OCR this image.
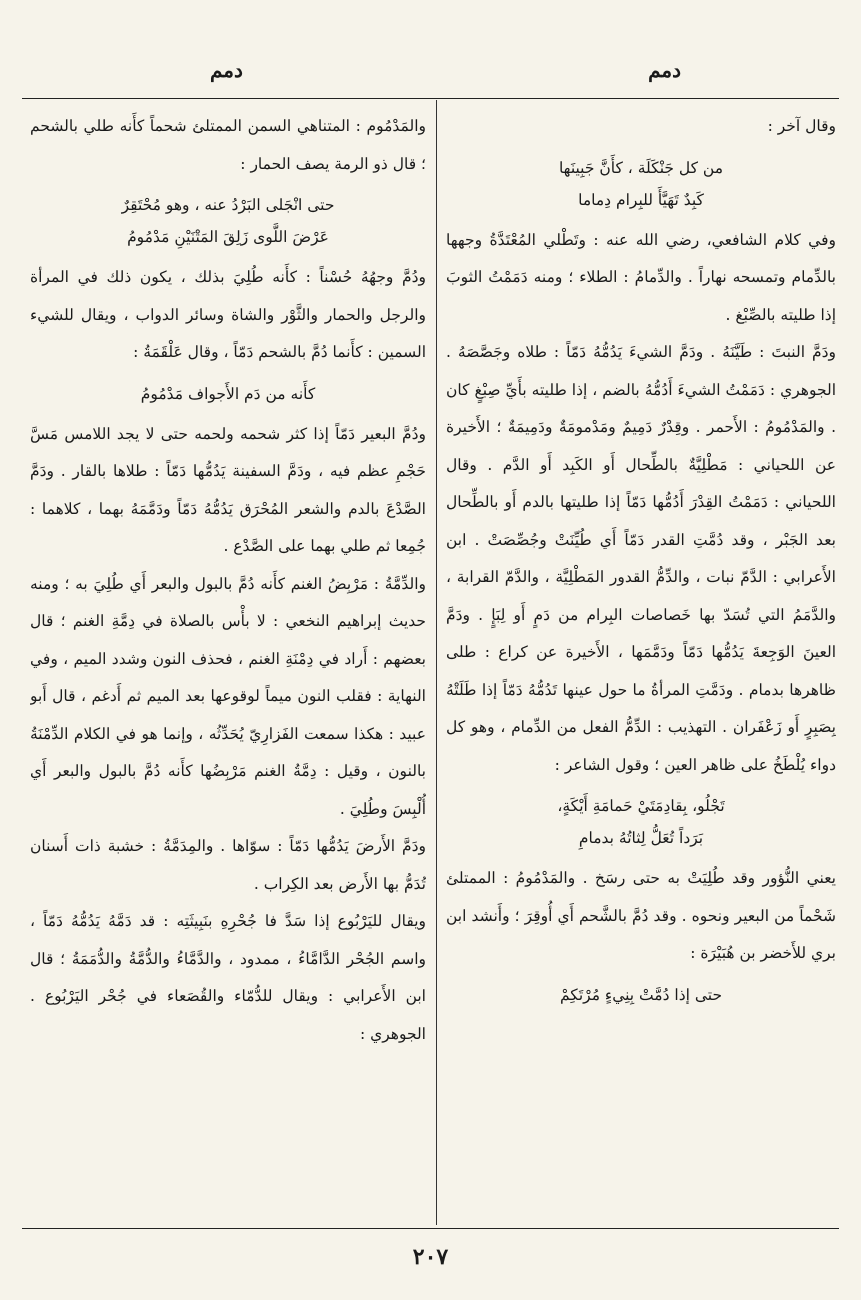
دمم
دمم

وقال آخر :

من كل جَنْكَلَة ، كأَنَّ جَبِينَها
كَبِدٌ تَهَيَّأَ للبِرام دِماما

وفي كلام الشافعي، رضي الله عنه : وتَطْلي المُعْتَدَّةُ وجهها بالدِّمام وتمسحه نهاراً . والدِّمامُ : الطلاء ؛ ومنه دَمَمْتُ الثوبَ إذا طليته بالصِّبْغ .

ودَمَّ النبتَ : طَيَّنَهُ . ودَمَّ الشيءَ يَدُمُّهُ دَمّاً : طلاه وجَصَّصَهُ . الجوهري : دَمَمْتُ الشيءَ أَدُمُّهُ بالضم ، إذا طليته بأَيِّ صِبْغٍ كان . والمَدْمُومُ : الأَحمر . وقِدْرٌ دَمِيمٌ ومَدْمومَةٌ ودَمِيمَةٌ ؛ الأَخيرة عن اللحياني : مَطْلِيَّةٌ بالطِّحال أَو الكَبِد أَو الدَّم . وقال اللحياني : دَمَمْتُ القِدْرَ أَدُمُّها دَمّاً إذا طليتها بالدم أَو بالطِّحال بعد الجَبْر ، وقد دُمَّتِ القدر دَمّاً أَي طُيِّنَتْ وجُصِّصَتْ . ابن الأَعرابي : الدَّمّ نبات ، والدِّمُّ القدور المَطْلِيَّة ، والدَّمّ القرابة ، والدَّمَمُ التي تُسَدّ بها خَصاصات البِرام من دَمٍ أَو لِبَإٍ . ودَمَّ العينَ الوَجِعةَ يَدُمُّها دَمّاً ودَمَّمَها ، الأَخيرة عن كراع : طلى ظاهرها بدمام . ودَمَّتِ المرأةُ ما حول عينها تَدُمُّهُ دَمّاً إذا طَلَتْهُ بِصَبِرٍ أَو زَعْفَران . التهذيب : الدِّمُّ الفعل من الدِّمام ، وهو كل دواء يُلْطَخُ على ظاهر العين ؛ وقول الشاعر :

تَجْلُو، بِقادِمَتَيْ حَمامَةِ أَيْكَةٍ،
بَرَداً تُعَلُّ لِثاتُهُ بدمامِ

يعني النُّؤور وقد طُلِيَتْ به حتى رسَخ . والمَدْمُومُ : الممتلئ شَحْماً من البعير ونحوه . وقد دُمَّ بالشَّحم أَي أُوقِرَ ؛ وأَنشد ابن بري للأَخضر بن هُبَيْرَة :

حتى إذا دُمَّتْ بِنِيءٍ مُرْتَكِمْ

والمَدْمُوم : المتناهي السمن الممتلئ شحماً كأَنه طلي بالشحم ؛ قال ذو الرمة يصف الحمار :

حتى انْجَلى البَرْدُ عنه ، وهو مُحْتَقِرٌ
عَرْضَ اللَّوى زَلِقَ المَتْنَيْنِ مَدْمُومُ

ودُمَّ وجهُهُ حُسْناً : كأَنه طُلِيَ بذلك ، يكون ذلك في المرأة والرجل والحمار والثَّوْر والشاة وسائر الدواب ، ويقال للشيء السمين : كأَنما دُمَّ بالشحم دَمّاً ، وقال عَلْقَمَةُ :

كأَنه من دَم الأَجواف مَدْمُومُ

ودُمَّ البعير دَمّاً إذا كثر شحمه ولحمه حتى لا يجد اللامس مَسَّ حَجْمِ عظم فيه ، ودَمَّ السفينة يَدُمُّها دَمّاً : طلاها بالقار . ودَمَّ الصَّدْعَ بالدم والشعر المُحْرَق يَدُمُّهُ دَمّاً ودَمَّمَهُ بهما ، كلاهما : جُمِعا ثم طلي بهما على الصَّدْع .

والدِّمَّةُ : مَرْبِضُ الغنم كأَنه دُمَّ بالبول والبعر أَي طُلِيَ به ؛ ومنه حديث إبراهيم النخعي : لا بأْس بالصلاة في دِمَّةِ الغنم ؛ قال بعضهم : أَراد في دِمْنَةِ الغنم ، فحذف النون وشدد الميم ، وفي النهاية : فقلب النون ميماً لوقوعها بعد الميم ثم أَدغم ، قال أَبو عبيد : هكذا سمعت الفَزارِيّ يُحَدِّثُه ، وإنما هو في الكلام الدِّمْنَةُ بالنون ، وقيل : دِمَّةُ الغنم مَرْبِضُها كأَنه دُمَّ بالبول والبعر أَي أُلْبِسَ وطُلِيَ .

ودَمَّ الأَرضَ يَدُمُّها دَمّاً : سوّاها . والمِدَمَّةُ : خشبة ذات أَسنان تُدَمُّ بها الأَرض بعد الكِراب .

ويقال لليَرْبُوع إذا سَدَّ فا جُحْرِهِ بنَبِيثَتِه : قد دَمَّهُ يَدُمُّهُ دَمّاً ، واسم الجُحْر الدَّامَّاءُ ، ممدود ، والدَّمَّاءُ والدُّمَّةُ والدُّمَمَةُ ؛ قال ابن الأَعرابي : ويقال للدُّمّاء والقُصَعاء في جُحْر اليَرْبُوع . الجوهري :

٢٠٧
